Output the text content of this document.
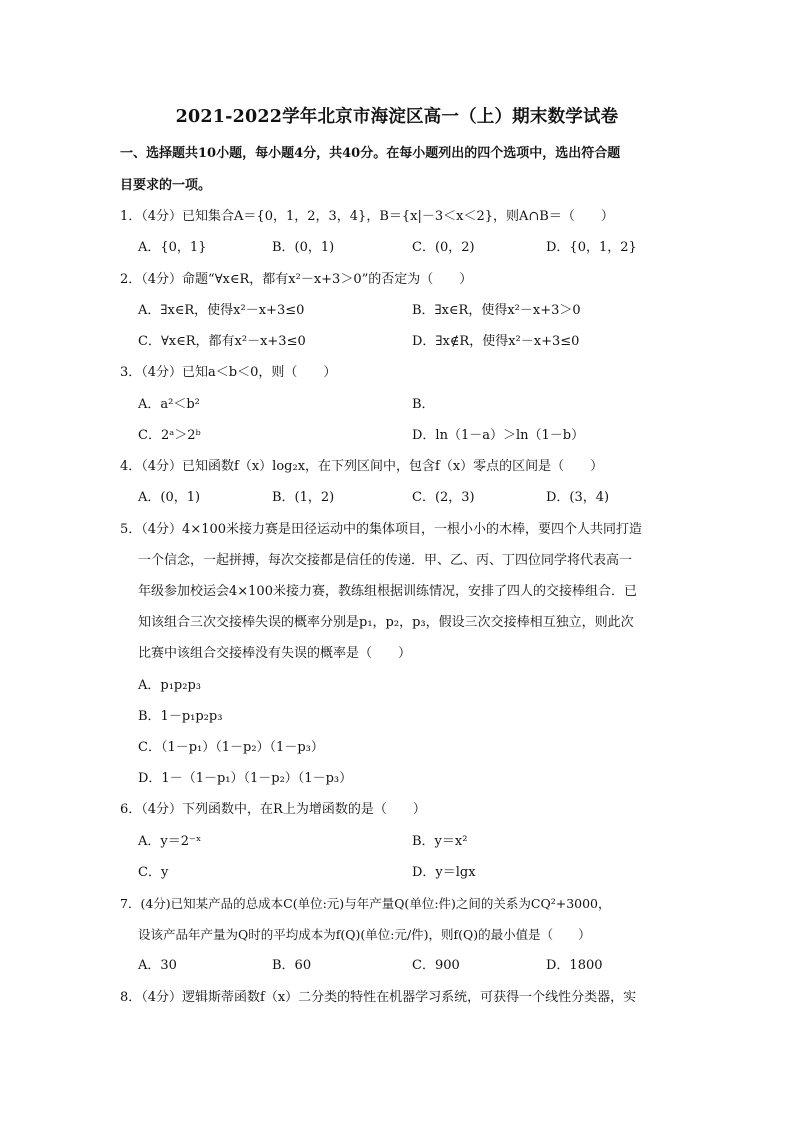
2021-2022学年北京市海淀区高一（上）期末数学试卷
一、选择题共10小题，每小题4分，共40分。在每小题列出的四个选项中，选出符合题
目要求的一项。
1．（4分）已知集合A＝{0，1，2，3，4}，B＝{x|－3＜x＜2}，则A∩B＝（　　）
A．{0，1}	B．(0，1)	C．(0，2)	D．{0，1，2}
2．（4分）命题“∀x∈R，都有x²－x+3＞0”的否定为（　　）
A．∃x∈R，使得x²－x+3≤0	B．∃x∈R，使得x²－x+3＞0
C．∀x∈R，都有x²－x+3≤0	D．∃x∉R，使得x²－x+3≤0
3．（4分）已知a＜b＜0，则（　　）
A．a²＜b²	B．
C．2ᵃ＞2ᵇ	D．ln（1－a）＞ln（1－b）
4．（4分）已知函数f（x）log₂x，在下列区间中，包含f（x）零点的区间是（　　）
A．(0，1)	B．(1，2)	C．(2，3)	D．(3，4)
5．（4分）4×100米接力赛是田径运动中的集体项目，一根小小的木棒，要四个人共同打造
一个信念，一起拼搏，每次交接都是信任的传递．甲、乙、丙、丁四位同学将代表高一
年级参加校运会4×100米接力赛，教练组根据训练情况，安排了四人的交接棒组合．已
知该组合三次交接棒失误的概率分别是p₁，p₂，p₃，假设三次交接棒相互独立，则此次
比赛中该组合交接棒没有失误的概率是（　　）
A．p₁p₂p₃
B．1－p₁p₂p₃
C．（1－p₁）（1－p₂）（1－p₃）
D．1－（1－p₁）（1－p₂）（1－p₃）
6．（4分）下列函数中，在R上为增函数的是（　　）
A．y＝2⁻ˣ	B．y＝x²
C．y	D．y＝lgx
7．(4分)已知某产品的总成本C(单位:元)与年产量Q(单位:件)之间的关系为CQ²+3000，
设该产品年产量为Q时的平均成本为f(Q)(单位:元/件)，则f(Q)的最小值是（　　）
A．30	B．60	C．900	D．1800
8．（4分）逻辑斯蒂函数f（x）二分类的特性在机器学习系统，可获得一个线性分类器，实
